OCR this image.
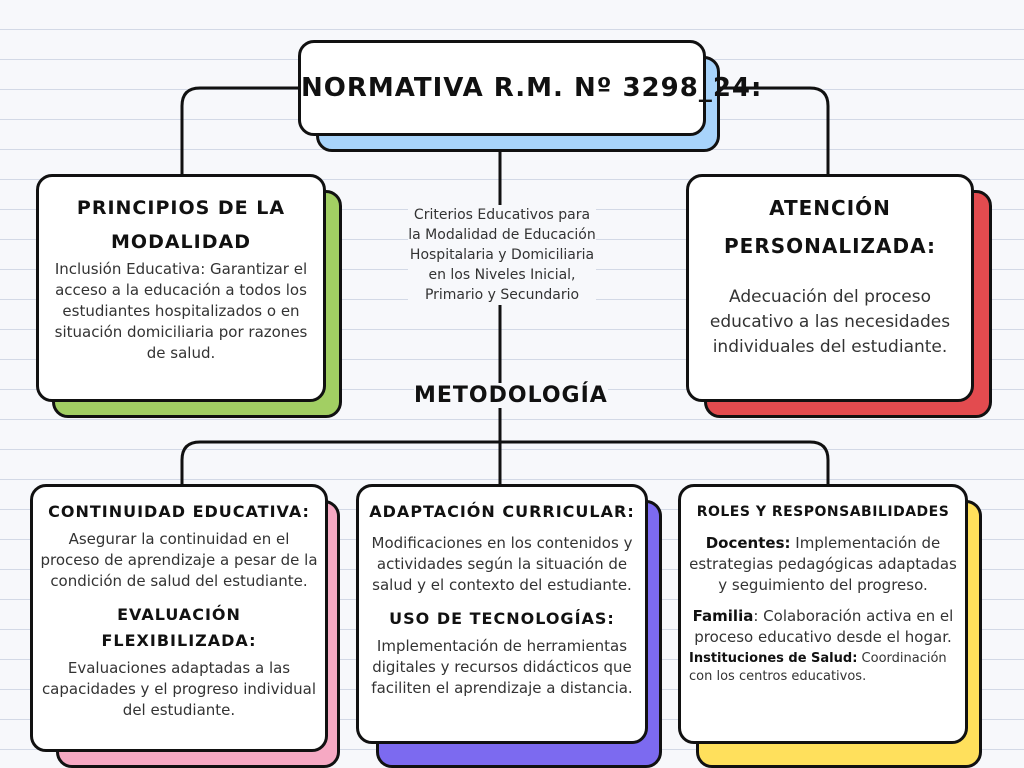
NORMATIVA R.M. Nº 3298_24:
Criterios Educativos para la Modalidad de Educación Hospitalaria y Domiciliaria en los Niveles Inicial, Primario y Secundario
METODOLOGÍA
PRINCIPIOS DE LA MODALIDAD
Inclusión Educativa: Garantizar el acceso a la educación a todos los estudiantes hospitalizados o en situación domiciliaria por razones de salud.
ATENCIÓN PERSONALIZADA:
Adecuación del proceso educativo a las necesidades individuales del estudiante.
CONTINUIDAD EDUCATIVA:
Asegurar la continuidad en el proceso de aprendizaje a pesar de la condición de salud del estudiante.
EVALUACIÓN FLEXIBILIZADA:
Evaluaciones adaptadas a las capacidades y el progreso individual del estudiante.
ADAPTACIÓN CURRICULAR:
Modificaciones en los contenidos y actividades según la situación de salud y el contexto del estudiante.
USO DE TECNOLOGÍAS:
Implementación de herramientas digitales y recursos didácticos que faciliten el aprendizaje a distancia.
ROLES Y RESPONSABILIDADES
Docentes: Implementación de estrategias pedagógicas adaptadas y seguimiento del progreso.
Familia: Colaboración activa en el proceso educativo desde el hogar.
Instituciones de Salud: Coordinación con los centros educativos.
